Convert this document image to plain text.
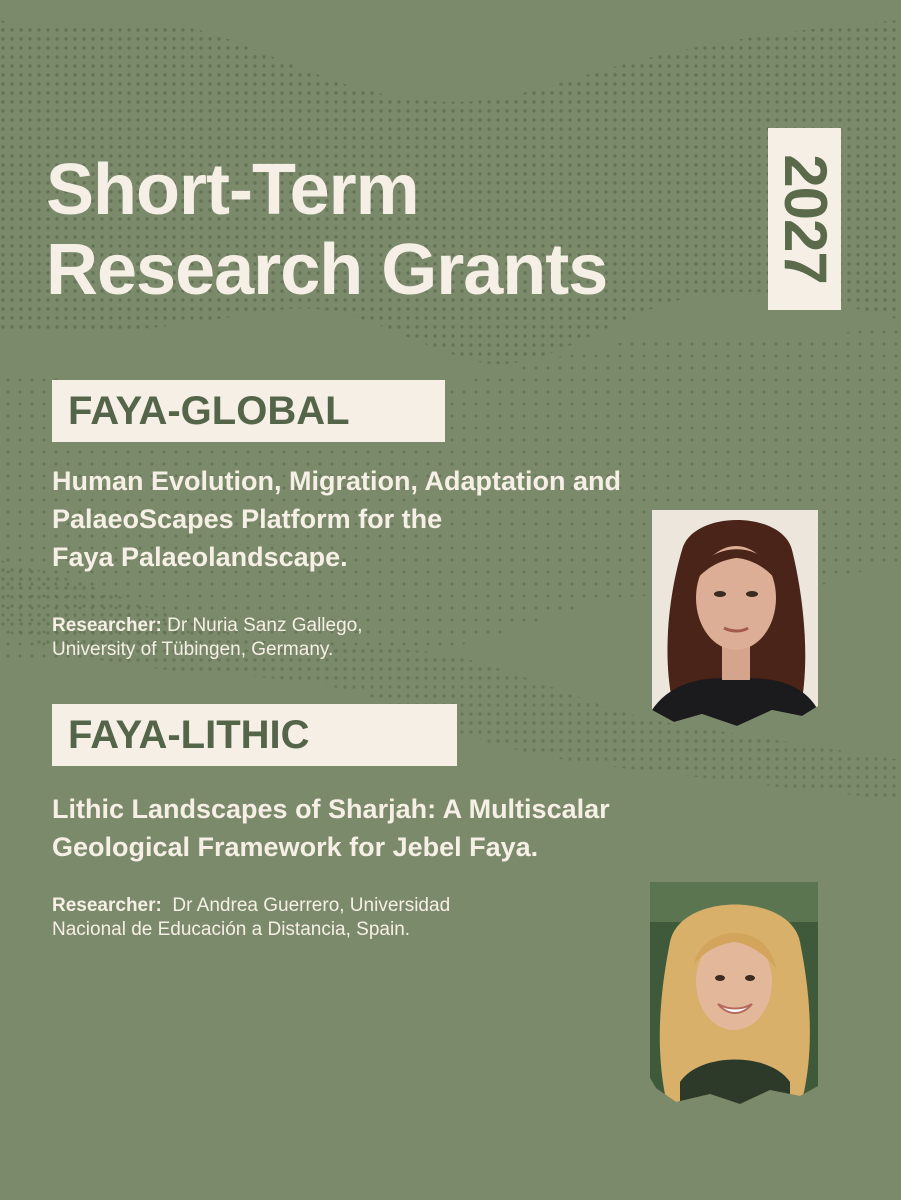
Short-Term
Research Grants	2027
FAYA-GLOBAL
Human Evolution, Migration, Adaptation and
PalaeoScapes Platform for the
Faya Palaeolandscape.
Researcher: Dr Nuria Sanz Gallego,
University of Tübingen, Germany.
FAYA-LITHIC
Lithic Landscapes of Sharjah: A Multiscalar
Geological Framework for Jebel Faya.
Researcher:  Dr Andrea Guerrero, Universidad
Nacional de Educación a Distancia, Spain.
